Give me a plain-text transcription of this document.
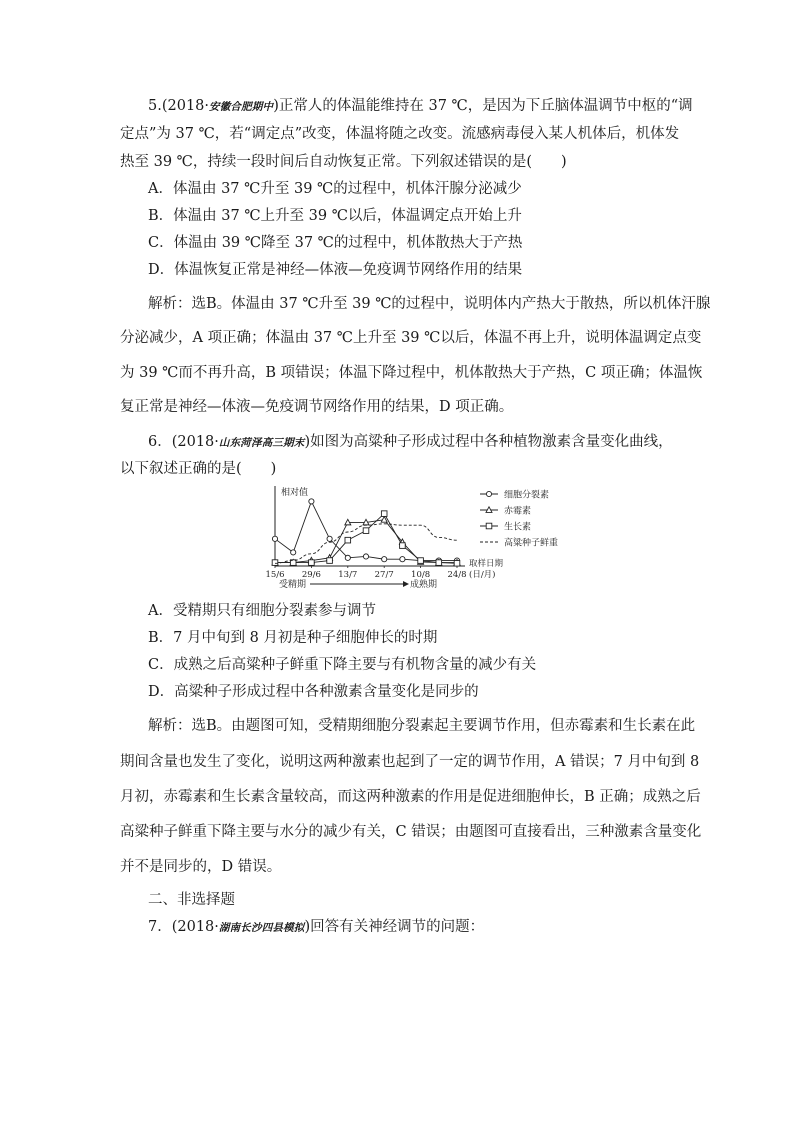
5.(2018·安徽合肥期中)正常人的体温能维持在 37 ℃，是因为下丘脑体温调节中枢的“调
定点”为 37 ℃，若“调定点”改变，体温将随之改变。流感病毒侵入某人机体后，机体发
热至 39 ℃，持续一段时间后自动恢复正常。下列叙述错误的是(　　)
A．体温由 37 ℃升至 39 ℃的过程中，机体汗腺分泌减少
B．体温由 37 ℃上升至 39 ℃以后，体温调定点开始上升
C．体温由 39 ℃降至 37 ℃的过程中，机体散热大于产热
D．体温恢复正常是神经—体液—免疫调节网络作用的结果
解析：选B。体温由 37 ℃升至 39 ℃的过程中，说明体内产热大于散热，所以机体汗腺
分泌减少，A 项正确；体温由 37 ℃上升至 39 ℃以后，体温不再上升，说明体温调定点变
为 39 ℃而不再升高，B 项错误；体温下降过程中，机体散热大于产热，C 项正确；体温恢
复正常是神经—体液—免疫调节网络作用的结果，D 项正确。
6．(2018·山东菏泽高三期末)如图为高粱种子形成过程中各种植物激素含量变化曲线，
以下叙述正确的是(　　)
相对值
15/6 29/6 13/7 27/7 10/8 24/8
取样日期 (日/月)
受精期	成熟期
细胞分裂素
赤霉素
生长素
高粱种子鲜重
A．受精期只有细胞分裂素参与调节
B．7 月中旬到 8 月初是种子细胞伸长的时期
C．成熟之后高粱种子鲜重下降主要与有机物含量的减少有关
D．高粱种子形成过程中各种激素含量变化是同步的
解析：选B。由题图可知，受精期细胞分裂素起主要调节作用，但赤霉素和生长素在此
期间含量也发生了变化，说明这两种激素也起到了一定的调节作用，A 错误；7 月中旬到 8
月初，赤霉素和生长素含量较高，而这两种激素的作用是促进细胞伸长，B 正确；成熟之后
高粱种子鲜重下降主要与水分的减少有关，C 错误；由题图可直接看出，三种激素含量变化
并不是同步的，D 错误。
二、非选择题
7．(2018·湖南长沙四县模拟)回答有关神经调节的问题：
